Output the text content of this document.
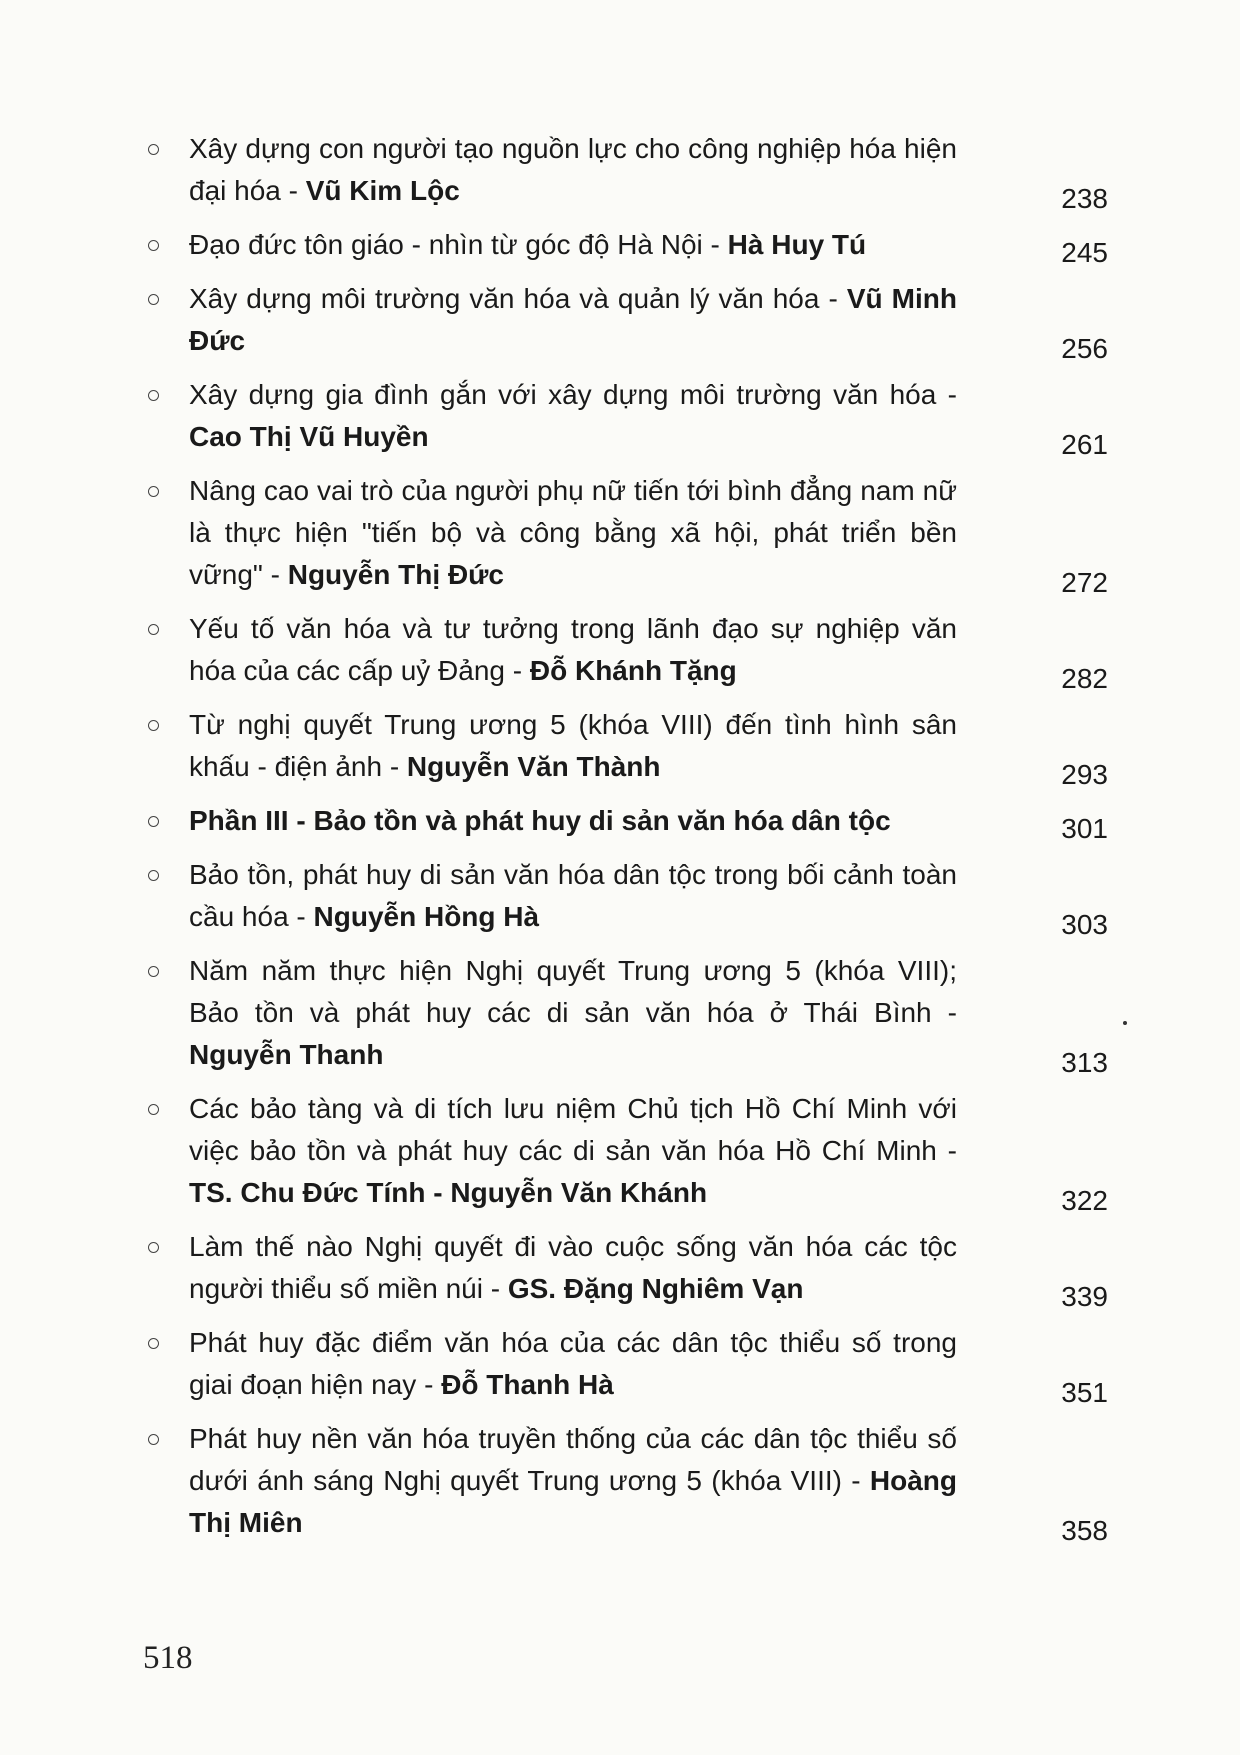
Xây dựng con người tạo nguồn lực cho công nghiệp hóa hiện đại hóa - Vũ Kim Lộc	238
Đạo đức tôn giáo - nhìn từ góc độ Hà Nội - Hà Huy Tú	245
Xây dựng môi trường văn hóa và quản lý văn hóa - Vũ Minh Đức	256
Xây dựng gia đình gắn với xây dựng môi trường văn hóa - Cao Thị Vũ Huyền	261
Nâng cao vai trò của người phụ nữ tiến tới bình đẳng nam nữ là thực hiện "tiến bộ và công bằng xã hội, phát triển bền vững" - Nguyễn Thị Đức	272
Yếu tố văn hóa và tư tưởng trong lãnh đạo sự nghiệp văn hóa của các cấp uỷ Đảng - Đỗ Khánh Tặng	282
Từ nghị quyết Trung ương 5 (khóa VIII) đến tình hình sân khấu - điện ảnh - Nguyễn Văn Thành	293
Phần III - Bảo tồn và phát huy di sản văn hóa dân tộc	301
Bảo tồn, phát huy di sản văn hóa dân tộc trong bối cảnh toàn cầu hóa - Nguyễn Hồng Hà	303
Năm năm thực hiện Nghị quyết Trung ương 5 (khóa VIII); Bảo tồn và phát huy các di sản văn hóa ở Thái Bình - Nguyễn Thanh	313
Các bảo tàng và di tích lưu niệm Chủ tịch Hồ Chí Minh với việc bảo tồn và phát huy các di sản văn hóa Hồ Chí Minh - TS. Chu Đức Tính - Nguyễn Văn Khánh	322
Làm thế nào Nghị quyết đi vào cuộc sống văn hóa các tộc người thiểu số miền núi - GS. Đặng Nghiêm Vạn	339
Phát huy đặc điểm văn hóa của các dân tộc thiểu số trong giai đoạn hiện nay - Đỗ Thanh Hà	351
Phát huy nền văn hóa truyền thống của các dân tộc thiểu số dưới ánh sáng Nghị quyết Trung ương 5 (khóa VIII) - Hoàng Thị Miên	358
518
